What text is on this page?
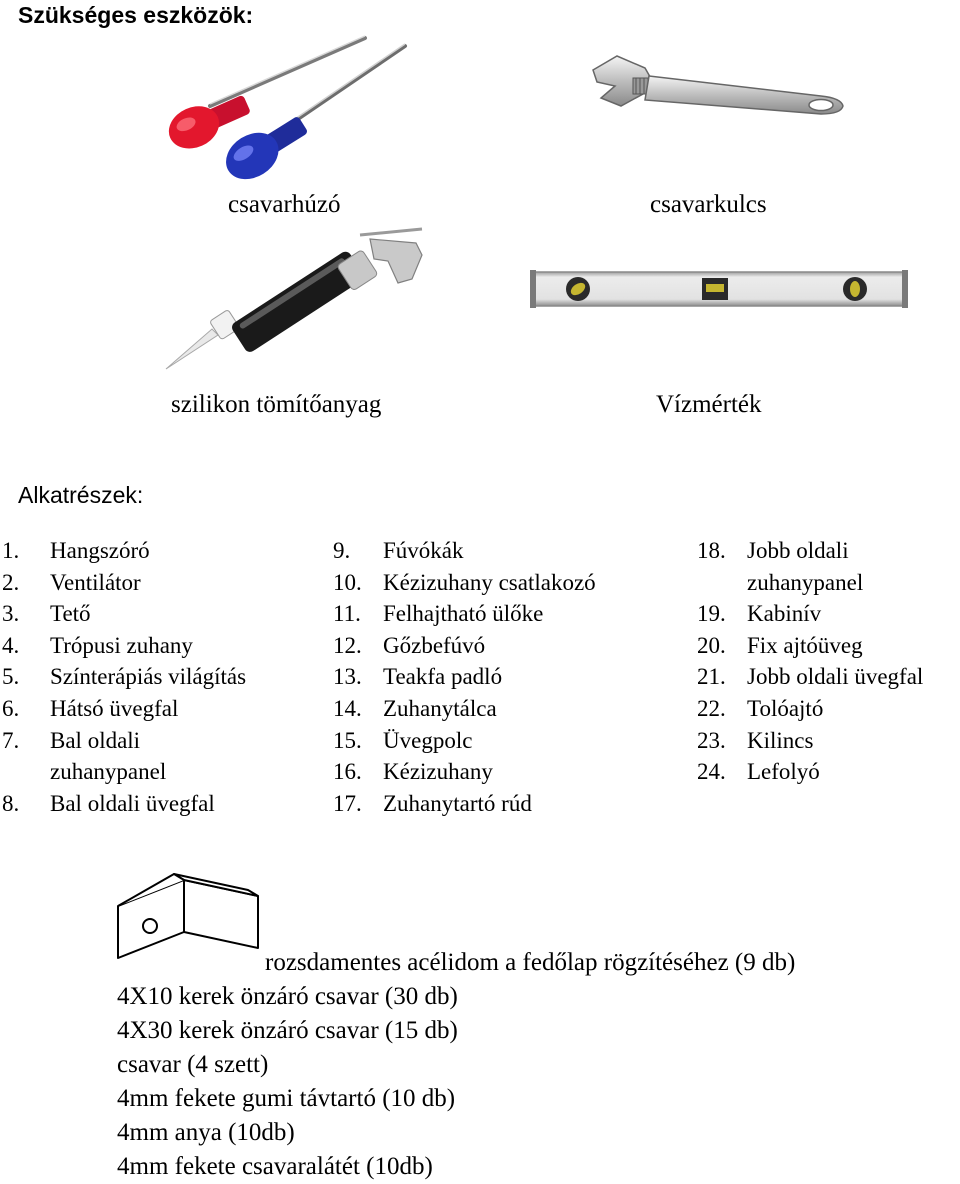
Szükséges eszközök:
csavarhúzó	csavarkulcs
szilikon tömítőanyag	Vízmérték
Alkatrészek:
1. Hangszóró
2. Ventilátor
3. Tető
4. Trópusi zuhany
5. Színterápiás világítás
6. Hátsó üvegfal
7. Bal oldali
zuhanypanel
8. Bal oldali üvegfal
9. Fúvókák
10. Kézizuhany csatlakozó
11. Felhajtható ülőke
12. Gőzbefúvó
13. Teakfa padló
14. Zuhanytálca
15. Üvegpolc
16. Kézizuhany
17. Zuhanytartó rúd
18. Jobb oldali
zuhanypanel
19. Kabinív
20. Fix ajtóüveg
21. Jobb oldali üvegfal
22. Tolóajtó
23. Kilincs
24. Lefolyó
rozsdamentes acélidom a fedőlap rögzítéséhez (9 db)
4X10 kerek önzáró csavar (30 db)
4X30 kerek önzáró csavar (15 db)
csavar (4 szett)
4mm fekete gumi távtartó (10 db)
4mm anya (10db)
4mm fekete csavaralátét (10db)
